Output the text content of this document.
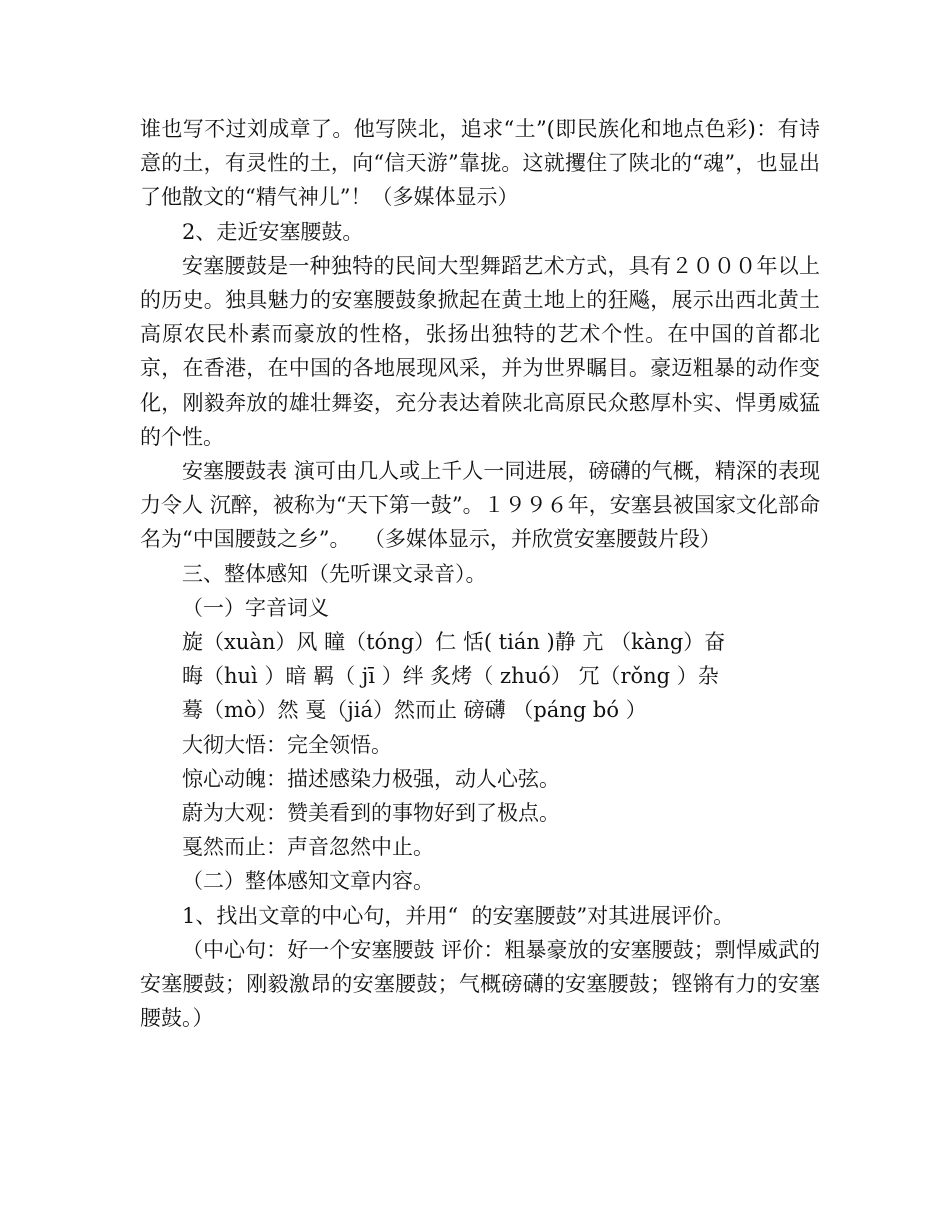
谁也写不过刘成章了。他写陕北，追求“土”(即民族化和地点色彩)：有诗意的土，有灵性的土，向“信天游”靠拢。这就攫住了陕北的“魂”，也显出了他散文的“精气神儿”！（多媒体显示）

2、走近安塞腰鼓。

安塞腰鼓是一种独特的民间大型舞蹈艺术方式，具有２０００年以上的历史。独具魅力的安塞腰鼓象掀起在黄土地上的狂飚，展示出西北黄土高原农民朴素而豪放的性格，张扬出独特的艺术个性。在中国的首都北京，在香港，在中国的各地展现风采，并为世界瞩目。豪迈粗暴的动作变化，刚毅奔放的雄壮舞姿，充分表达着陕北高原民众憨厚朴实、悍勇威猛的个性。

安塞腰鼓表 演可由几人或上千人一同进展，磅礴的气概，精深的表现力令人 沉醉，被称为“天下第一鼓”。１９９６年，安塞县被国家文化部命名为“中国腰鼓之乡”。  （多媒体显示，并欣赏安塞腰鼓片段）

三、整体感知（先听课文录音）。

（一）字音词义

旋（xuàn）风 瞳（tóng）仁 恬( tián )静 亢 （kàng）奋

晦（huì ）暗 羁（ jī ）绊 炙烤（ zhuó） 冗（rǒng ）杂

蓦（mò）然 戛（jiá）然而止 磅礴 （páng bó ）

大彻大悟：完全领悟。

惊心动魄：描述感染力极强，动人心弦。

蔚为大观：赞美看到的事物好到了极点。

戛然而止：声音忽然中止。

（二）整体感知文章内容。

1、找出文章的中心句，并用“  的安塞腰鼓”对其进展评价。

（中心句：好一个安塞腰鼓 评价：粗暴豪放的安塞腰鼓；剽悍威武的安塞腰鼓；刚毅激昂的安塞腰鼓；气概磅礴的安塞腰鼓；铿锵有力的安塞腰鼓。）
